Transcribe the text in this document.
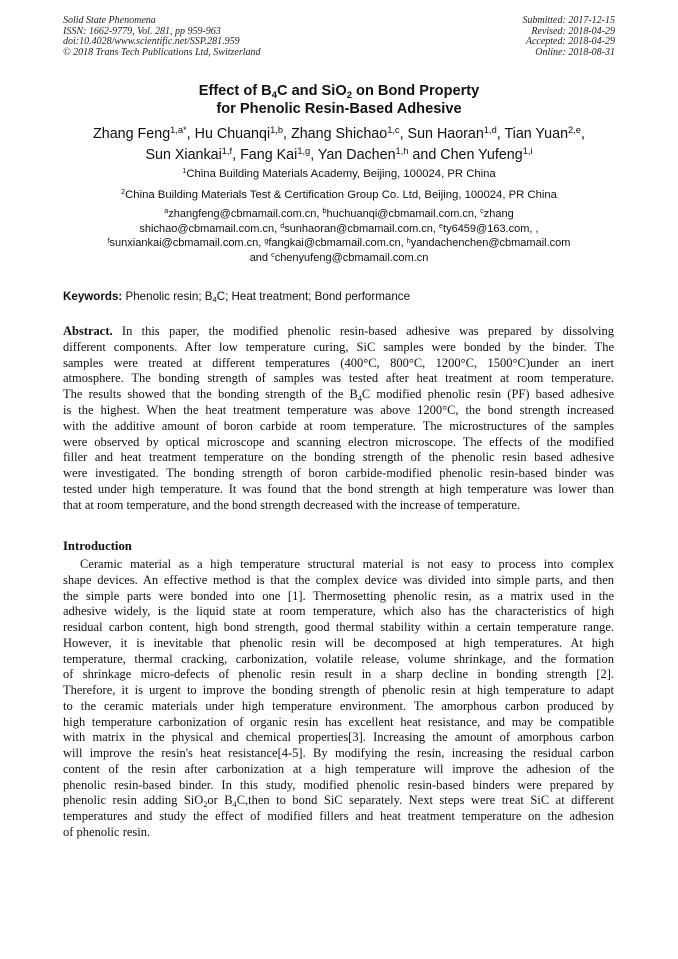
Solid State Phenomena
ISSN: 1662-9779, Vol. 281, pp 959-963
doi:10.4028/www.scientific.net/SSP.281.959
© 2018 Trans Tech Publications Ltd, Switzerland
Submitted: 2017-12-15
Revised: 2018-04-29
Accepted: 2018-04-29
Online: 2018-08-31
Effect of $B_4C$ and SiO$_2$ on Bond Property
for Phenolic Resin-Based Adhesive
Zhang Feng$^{1,a*}$, Hu Chuanqi$^{1,b}$, Zhang Shichao$^{1,c}$, Sun Haoran$^{1,d}$, Tian Yuan$^{2,e}$,
Sun Xiankai$^{1,f}$, Fang Kai$^{1,g}$, Yan Dachen$^{1,h}$ and Chen Yufeng$^{1,i}$
$^1$China Building Materials Academy, Beijing, 100024, PR China
$^2$China Building Materials Test & Certification Group Co. Ltd, Beijing, 100024, PR China
$^a$zhangfeng@cbmamail.com.cn, $^b$huchuanqi@cbmamail.com.cn, $^c$zhang
shichao@cbmamail.com.cn, $^d$sunhaoran@cbmamail.com.cn, $^e$ty6459@163.com, ,
$^f$sunxiankai@cbmamail.com.cn, $^g$fangkai@cbmamail.com.cn, $^h$yandachenchen@cbmamail.com
and $^c$chenyufeng@cbmamail.com.cn
Keywords: Phenolic resin; $B_4C$; Heat treatment; Bond performance
Abstract. In this paper, the modified phenolic resin-based adhesive was prepared by dissolving
different components. After low temperature curing, SiC samples were bonded by the binder. The
samples were treated at different temperatures (400°C, 800°C, 1200°C, 1500°C)under an inert
atmosphere. The bonding strength of samples was tested after heat treatment at room temperature.
The results showed that the bonding strength of the $B_4C$ modified phenolic resin (PF) based adhesive
is the highest. When the heat treatment temperature was above 1200°C, the bond strength increased
with the additive amount of boron carbide at room temperature. The microstructures of the samples
were observed by optical microscope and scanning electron microscope. The effects of the modified
filler and heat treatment temperature on the bonding strength of the phenolic resin based adhesive
were investigated. The bonding strength of boron carbide-modified phenolic resin-based binder was
tested under high temperature. It was found that the bond strength at high temperature was lower than
that at room temperature, and the bond strength decreased with the increase of temperature.
Introduction
Ceramic material as a high temperature structural material is not easy to process into complex
shape devices. An effective method is that the complex device was divided into simple parts, and then
the simple parts were bonded into one [1]. Thermosetting phenolic resin, as a matrix used in the
adhesive widely, is the liquid state at room temperature, which also has the characteristics of high
residual carbon content, high bond strength, good thermal stability within a certain temperature range.
However, it is inevitable that phenolic resin will be decomposed at high temperatures. At high
temperature, thermal cracking, carbonization, volatile release, volume shrinkage, and the formation
of shrinkage micro-defects of phenolic resin result in a sharp decline in bonding strength [2].
Therefore, it is urgent to improve the bonding strength of phenolic resin at high temperature to adapt
to the ceramic materials under high temperature environment. The amorphous carbon produced by
high temperature carbonization of organic resin has excellent heat resistance, and may be compatible
with matrix in the physical and chemical properties[3]. Increasing the amount of amorphous carbon
will improve the resin's heat resistance[4-5]. By modifying the resin, increasing the residual carbon
content of the resin after carbonization at a high temperature will improve the adhesion of the
phenolic resin-based binder. In this study, modified phenolic resin-based binders were prepared by
phenolic resin adding SiO$_2$or $B_4C,then$ to bond SiC separately. Next steps were treat SiC at different
temperatures and study the effect of modified fillers and heat treatment temperature on the adhesion
of phenolic resin.
